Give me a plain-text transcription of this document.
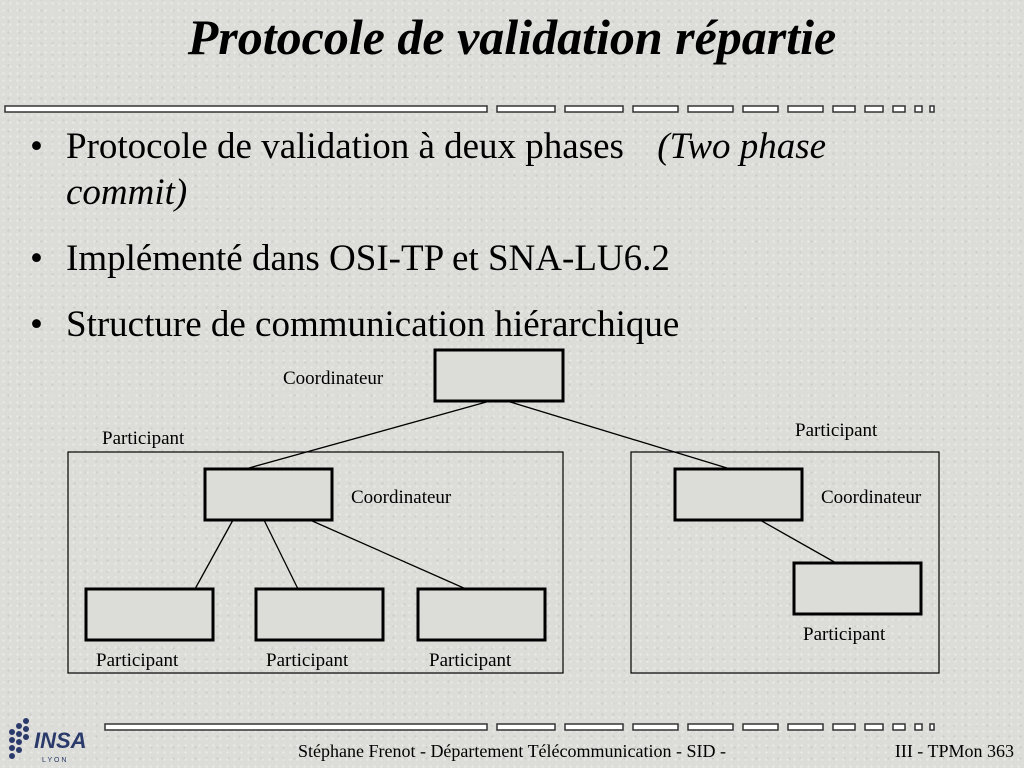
Protocole de validation répartie
• Protocole de validation à deux phases (Two phase commit)
• Implémenté dans OSI-TP et SNA-LU6.2
• Structure de communication hiérarchique
Coordinateur
Participant
Coordinateur
Participant	Participant	Participant
Participant
Coordinateur
Participant
INSA
L Y O N	Stéphane Frenot - Département Télécommunication - SID -	III - TPMon 363
